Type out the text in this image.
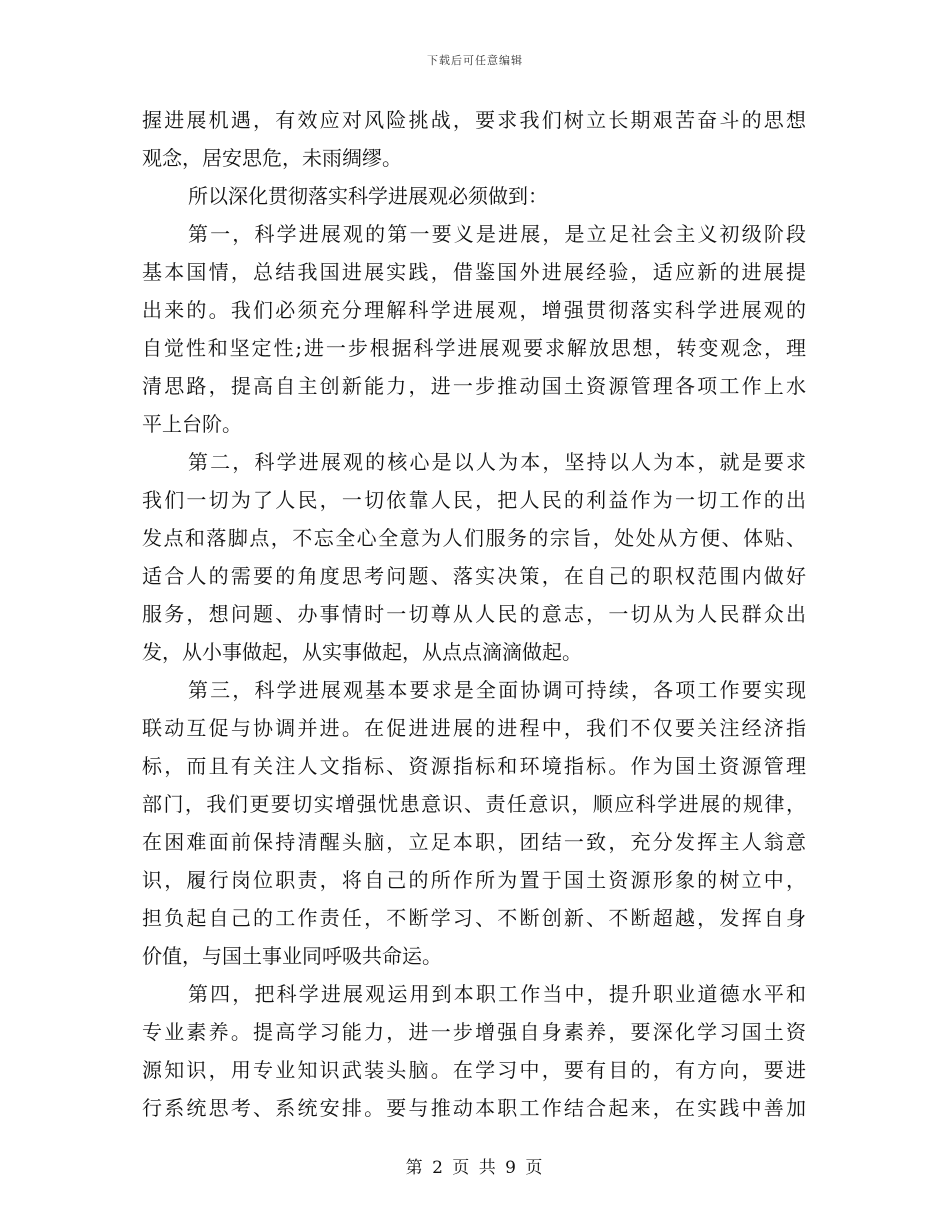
下载后可任意编辑
握进展机遇，有效应对风险挑战，要求我们树立长期艰苦奋斗的思想
观念，居安思危，未雨绸缪。
所以深化贯彻落实科学进展观必须做到：
第一，科学进展观的第一要义是进展，是立足社会主义初级阶段
基本国情，总结我国进展实践，借鉴国外进展经验，适应新的进展提
出来的。我们必须充分理解科学进展观，增强贯彻落实科学进展观的
自觉性和坚定性;进一步根据科学进展观要求解放思想，转变观念，理
清思路，提高自主创新能力，进一步推动国土资源管理各项工作上水
平上台阶。
第二，科学进展观的核心是以人为本，坚持以人为本，就是要求
我们一切为了人民，一切依靠人民，把人民的利益作为一切工作的出
发点和落脚点，不忘全心全意为人们服务的宗旨，处处从方便、体贴、
适合人的需要的角度思考问题、落实决策，在自己的职权范围内做好
服务，想问题、办事情时一切尊从人民的意志，一切从为人民群众出
发，从小事做起，从实事做起，从点点滴滴做起。
第三，科学进展观基本要求是全面协调可持续，各项工作要实现
联动互促与协调并进。在促进进展的进程中，我们不仅要关注经济指
标，而且有关注人文指标、资源指标和环境指标。作为国土资源管理
部门，我们更要切实增强忧患意识、责任意识，顺应科学进展的规律，
在困难面前保持清醒头脑，立足本职，团结一致，充分发挥主人翁意
识，履行岗位职责，将自己的所作所为置于国土资源形象的树立中，
担负起自己的工作责任，不断学习、不断创新、不断超越，发挥自身
价值，与国土事业同呼吸共命运。
第四，把科学进展观运用到本职工作当中，提升职业道德水平和
专业素养。提高学习能力，进一步增强自身素养，要深化学习国土资
源知识，用专业知识武装头脑。在学习中，要有目的，有方向，要进
行系统思考、系统安排。要与推动本职工作结合起来，在实践中善加
第 2 页 共 9 页
